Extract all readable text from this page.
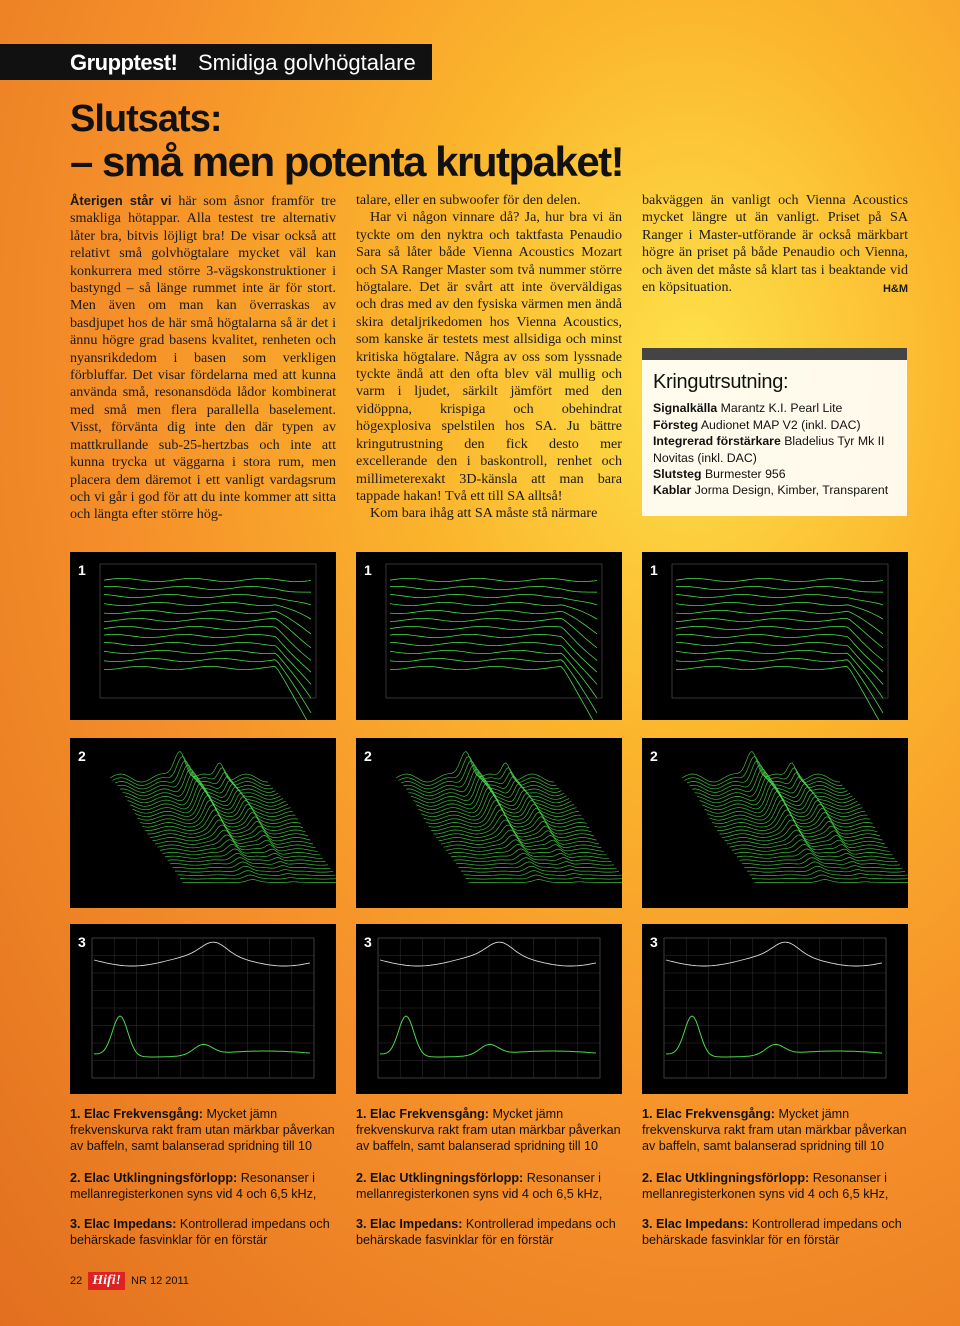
Grupptest! Smidiga golvhögtalare
Slutsats:
– små men potenta krutpaket!

Återigen står vi här som åsnor framför tre smakliga hötappar. Alla testest tre alternativ låter bra, bitvis löjligt bra! De visar också att relativt små golvhögtalare mycket väl kan konkurrera med större 3-vägskonstruktioner i bastyngd – så länge rummet inte är för stort. Men även om man kan överraskas av basdjupet hos de här små högtalarna så är det i ännu högre grad basens kvalitet, renheten och nyansrikdedom i basen som verkligen förbluffar. Det visar fördelarna med att kunna använda små, resonansdöda lådor kombinerat med små men flera parallella baselement. Visst, förvänta dig inte den där typen av mattkrullande sub-25-hertzbas och inte att kunna trycka ut väggarna i stora rum, men placera dem däremot i ett vanligt vardagsrum och vi går i god för att du inte kommer att sitta och längta efter större hög-

talare, eller en subwoofer för den delen.

Har vi någon vinnare då? Ja, hur bra vi än tyckte om den nyktra och taktfasta Penaudio Sara så låter både Vienna Acoustics Mozart och SA Ranger Master som två nummer större högtalare. Det är svårt att inte överväldigas och dras med av den fysiska värmen men ändå skira detaljrikedomen hos Vienna Acoustics, som kanske är testets mest allsidiga och minst kritiska högtalare. Några av oss som lyssnade tyckte ändå att den ofta blev väl mullig och varm i ljudet, särkilt jämfört med den vidöppna, krispiga och obehindrat högexplosiva spelstilen hos SA. Ju bättre kringutrustning den fick desto mer excellerande den i baskontroll, renhet och millimeterexakt 3D-känsla att man bara tappade hakan! Två ett till SA alltså!

Kom bara ihåg att SA måste stå närmare

bakväggen än vanligt och Vienna Acoustics mycket längre ut än vanligt. Priset på SA Ranger i Master-utförande är också märkbart högre än priset på både Penaudio och Vienna, och även det måste så klart tas i beaktande vid en köpsituation.	H&M

Kringutrsutning:
Signalkälla Marantz K.I. Pearl Lite
Försteg Audionet MAP V2 (inkl. DAC)
Integrerad förstärkare Bladelius Tyr Mk II Novitas (inkl. DAC)
Slutsteg Burmester 956
Kablar Jorma Design, Kimber, Transparent
1	1	1
2	2	2
3	3	3
1. Elac Frekvensgång: Mycket jämn frekvenskurva rakt fram utan märkbar påverkan av baffeln, samt balanserad spridning till 10
1. Elac Frekvensgång: Mycket jämn frekvenskurva rakt fram utan märkbar påverkan av baffeln, samt balanserad spridning till 10
1. Elac Frekvensgång: Mycket jämn frekvenskurva rakt fram utan märkbar påverkan av baffeln, samt balanserad spridning till 10
2. Elac Utklingningsförlopp: Resonanser i mellanregisterkonen syns vid 4 och 6,5 kHz,
2. Elac Utklingningsförlopp: Resonanser i mellanregisterkonen syns vid 4 och 6,5 kHz,
2. Elac Utklingningsförlopp: Resonanser i mellanregisterkonen syns vid 4 och 6,5 kHz,
3. Elac Impedans: Kontrollerad impedans och behärskade fasvinklar för en förstär
3. Elac Impedans: Kontrollerad impedans och behärskade fasvinklar för en förstär
3. Elac Impedans: Kontrollerad impedans och behärskade fasvinklar för en förstär
22 Hifi! NR 12 2011
